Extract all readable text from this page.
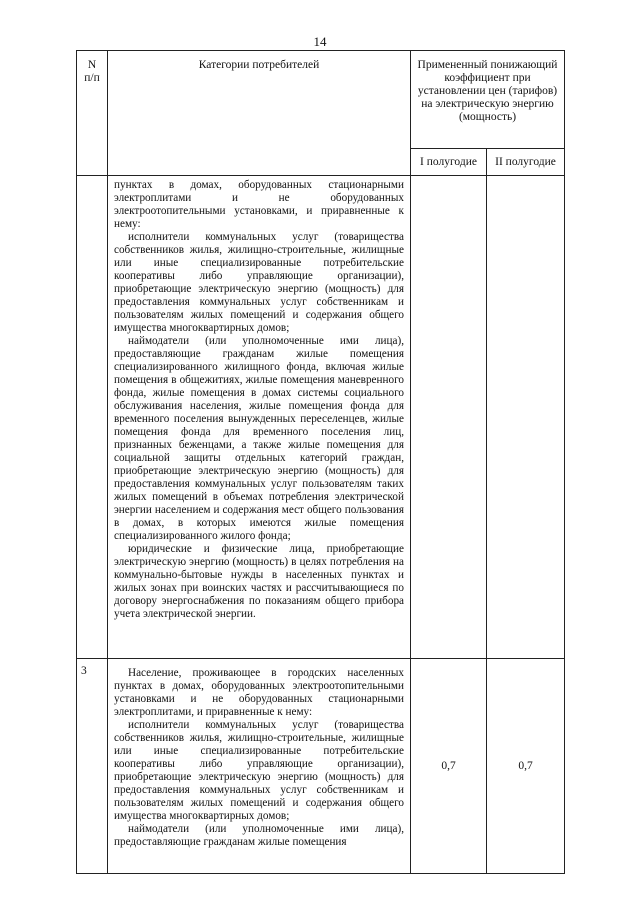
14
N
п/п	Категории потребителей	Примененный понижающий коэффициент при установлении цен (тарифов) на электрическую энергию (мощность)	
		I полугодие	II полугодие

	пунктах в домах, оборудованных стационарными электроплитами и не оборудованных электроотопительными установками, и приравненные к нему:

исполнители коммунальных услуг (товарищества собственников жилья, жилищно-строительные, жилищные или иные специализированные потребительские кооперативы либо управляющие организации), приобретающие электрическую энергию (мощность) для предоставления коммунальных услуг собственникам и пользователям жилых помещений и содержания общего имущества многоквартирных домов;

наймодатели (или уполномоченные ими лица), предоставляющие гражданам жилые помещения специализированного жилищного фонда, включая жилые помещения в общежитиях, жилые помещения маневренного фонда, жилые помещения в домах системы социального обслуживания населения, жилые помещения фонда для временного поселения вынужденных переселенцев, жилые помещения фонда для временного поселения лиц, признанных беженцами, а также жилые помещения для социальной защиты отдельных категорий граждан, приобретающие электрическую энергию (мощность) для предоставления коммунальных услуг пользователям таких жилых помещений в объемах потребления электрической энергии населением и содержания мест общего пользования в домах, в которых имеются жилые помещения специализированного жилого фонда;

юридические и физические лица, приобретающие электрическую энергию (мощность) в целях потребления на коммунально-бытовые нужды в населенных пунктах и жилых зонах при воинских частях и рассчитывающиеся по договору энергоснабжения по показаниям общего прибора учета электрической энергии.		

3	Население, проживающее в городских населенных пунктах в домах, оборудованных электроотопительными установками и не оборудованных стационарными электроплитами, и приравненные к нему:

исполнители коммунальных услуг (товарищества собственников жилья, жилищно-строительные, жилищные или иные специализированные потребительские кооперативы либо управляющие организации), приобретающие электрическую энергию (мощность) для предоставления коммунальных услуг собственникам и пользователям жилых помещений и содержания общего имущества многоквартирных домов;

наймодатели (или уполномоченные ими лица), предоставляющие гражданам жилые помещения	0,7	0,7
